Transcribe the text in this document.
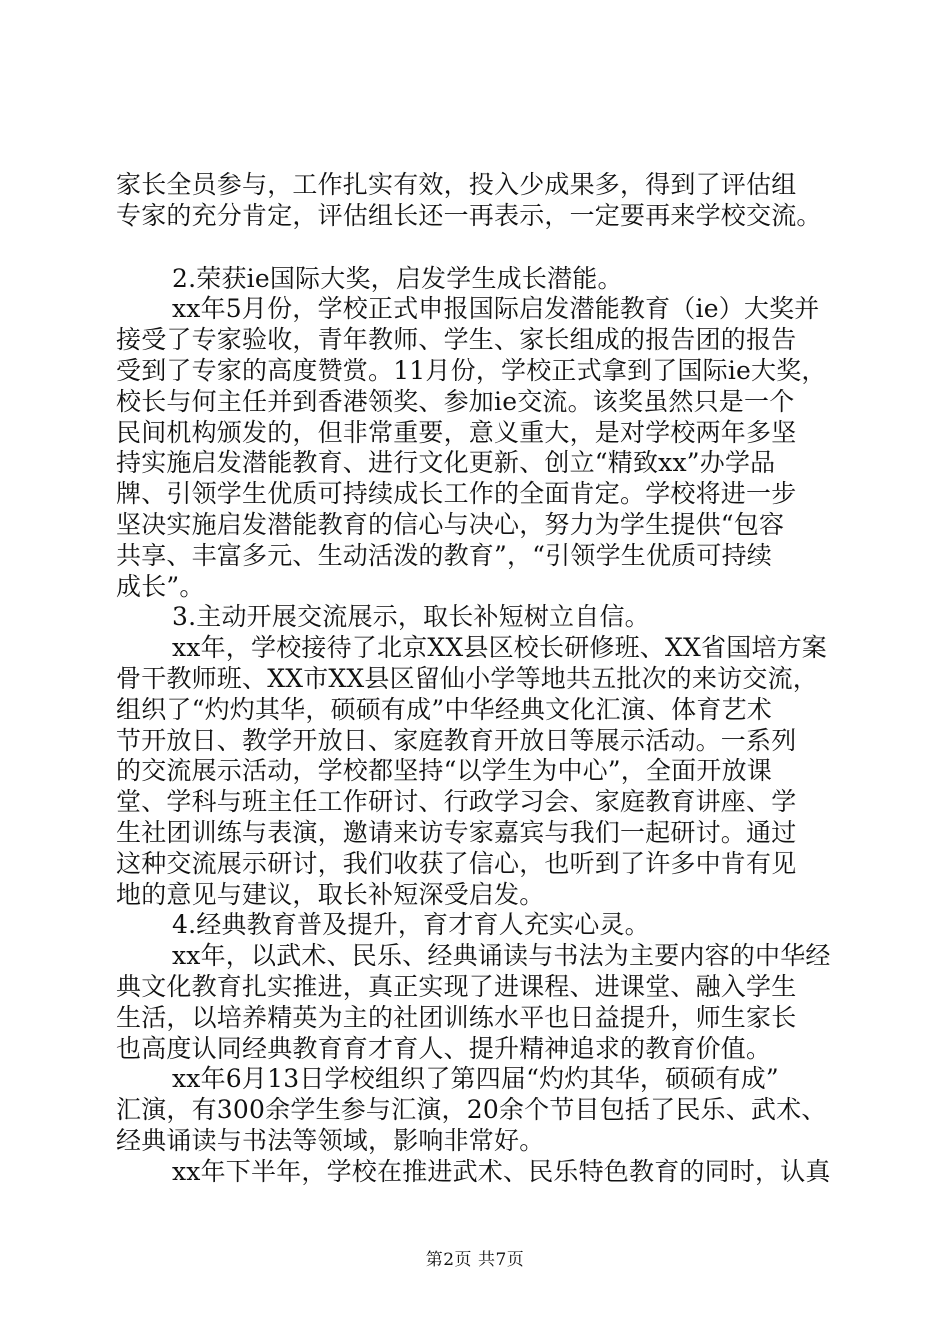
家长全员参与，工作扎实有效，投入少成果多，得到了评估组
专家的充分肯定，评估组长还一再表示，一定要再来学校交流。
2.荣获ie国际大奖，启发学生成长潜能。
xx年5月份，学校正式申报国际启发潜能教育（ie）大奖并
接受了专家验收，青年教师、学生、家长组成的报告团的报告
受到了专家的高度赞赏。11月份，学校正式拿到了国际ie大奖，
校长与何主任并到香港领奖、参加ie交流。该奖虽然只是一个
民间机构颁发的，但非常重要，意义重大，是对学校两年多坚
持实施启发潜能教育、进行文化更新、创立“精致xx”办学品
牌、引领学生优质可持续成长工作的全面肯定。学校将进一步
坚决实施启发潜能教育的信心与决心，努力为学生提供“包容
共享、丰富多元、生动活泼的教育”，“引领学生优质可持续
成长”。
3.主动开展交流展示，取长补短树立自信。
xx年，学校接待了北京XX县区校长研修班、XX省国培方案
骨干教师班、XX市XX县区留仙小学等地共五批次的来访交流，
组织了“灼灼其华，硕硕有成”中华经典文化汇演、体育艺术
节开放日、教学开放日、家庭教育开放日等展示活动。一系列
的交流展示活动，学校都坚持“以学生为中心”，全面开放课
堂、学科与班主任工作研讨、行政学习会、家庭教育讲座、学
生社团训练与表演，邀请来访专家嘉宾与我们一起研讨。通过
这种交流展示研讨，我们收获了信心，也听到了许多中肯有见
地的意见与建议，取长补短深受启发。
4.经典教育普及提升，育才育人充实心灵。
xx年，以武术、民乐、经典诵读与书法为主要内容的中华经
典文化教育扎实推进，真正实现了进课程、进课堂、融入学生
生活，以培养精英为主的社团训练水平也日益提升，师生家长
也高度认同经典教育育才育人、提升精神追求的教育价值。
xx年6月13日学校组织了第四届“灼灼其华，硕硕有成”
汇演，有300余学生参与汇演，20余个节目包括了民乐、武术、
经典诵读与书法等领域，影响非常好。
xx年下半年，学校在推进武术、民乐特色教育的同时，认真
第2页 共7页
